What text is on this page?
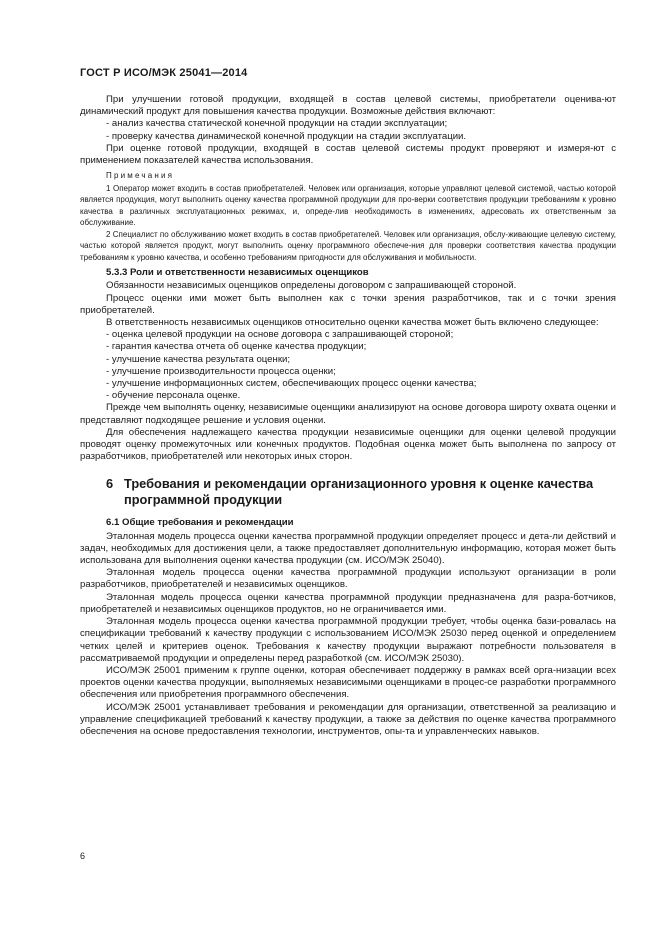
ГОСТ Р ИСО/МЭК 25041—2014

При улучшении готовой продукции, входящей в состав целевой системы, приобретатели оценива-ют динамический продукт для повышения качества продукции. Возможные действия включают:

- анализ качества статической конечной продукции на стадии эксплуатации;

- проверку качества динамической конечной продукции на стадии эксплуатации.

При оценке готовой продукции, входящей в состав целевой системы продукт проверяют и измеря-ют с применением показателей качества использования.

Примечания

1 Оператор может входить в состав приобретателей. Человек или организация, которые управляют целевой системой, частью которой является продукция, могут выполнить оценку качества программной продукции для про-верки соответствия продукции требованиям к уровню качества в различных эксплуатационных режимах, и, опреде-лив необходимость в изменениях, адресовать их ответственным за обслуживание.

2 Специалист по обслуживанию может входить в состав приобретателей. Человек или организация, обслу-живающие целевую систему, частью которой является продукт, могут выполнить оценку программного обеспече-ния для проверки соответствия качества продукции требованиям к уровню качества, и особенно требованиям пригодности для обслуживания и мобильности.

5.3.3 Роли и ответственности независимых оценщиков

Обязанности независимых оценщиков определены договором с запрашивающей стороной.

Процесс оценки ими может быть выполнен как с точки зрения разработчиков, так и с точки зрения приобретателей.

В ответственность независимых оценщиков относительно оценки качества может быть включено следующее:

- оценка целевой продукции на основе договора с запрашивающей стороной;

- гарантия качества отчета об оценке качества продукции;

- улучшение качества результата оценки;

- улучшение производительности процесса оценки;

- улучшение информационных систем, обеспечивающих процесс оценки качества;

- обучение персонала оценке.

Прежде чем выполнять оценку, независимые оценщики анализируют на основе договора широту охвата оценки и представляют подходящее решение и условия оценки.

Для обеспечения надлежащего качества продукции независимые оценщики для оценки целевой продукции проводят оценку промежуточных или конечных продуктов. Подобная оценка может быть выполнена по запросу от разработчиков, приобретателей или некоторых иных сторон.

6 Требования и рекомендации организационного уровня к оценке качества программной продукции

6.1 Общие требования и рекомендации

Эталонная модель процесса оценки качества программной продукции определяет процесс и дета-ли действий и задач, необходимых для достижения цели, а также предоставляет дополнительную информацию, которая может быть использована для выполнения оценки качества продукции (см. ИСО/МЭК 25040).

Эталонная модель процесса оценки качества программной продукции используют организации в роли разработчиков, приобретателей и независимых оценщиков.

Эталонная модель процесса оценки качества программной продукции предназначена для разра-ботчиков, приобретателей и независимых оценщиков продуктов, но не ограничивается ими.

Эталонная модель процесса оценки качества программной продукции требует, чтобы оценка бази-ровалась на спецификации требований к качеству продукции с использованием ИСО/МЭК 25030 перед оценкой и определением четких целей и критериев оценок. Требования к качеству продукции выражают потребности пользователя в рассматриваемой продукции и определены перед разработкой (см. ИСО/МЭК 25030).

ИСО/МЭК 25001 применим к группе оценки, которая обеспечивает поддержку в рамках всей орга-низации всех проектов оценки качества продукции, выполняемых независимыми оценщиками в процес-се разработки программного обеспечения или приобретения программного обеспечения.

ИСО/МЭК 25001 устанавливает требования и рекомендации для организации, ответственной за реализацию и управление спецификацией требований к качеству продукции, а также за действия по оценке качества программного обеспечения на основе предоставления технологии, инструментов, опы-та и управленческих навыков.

6
